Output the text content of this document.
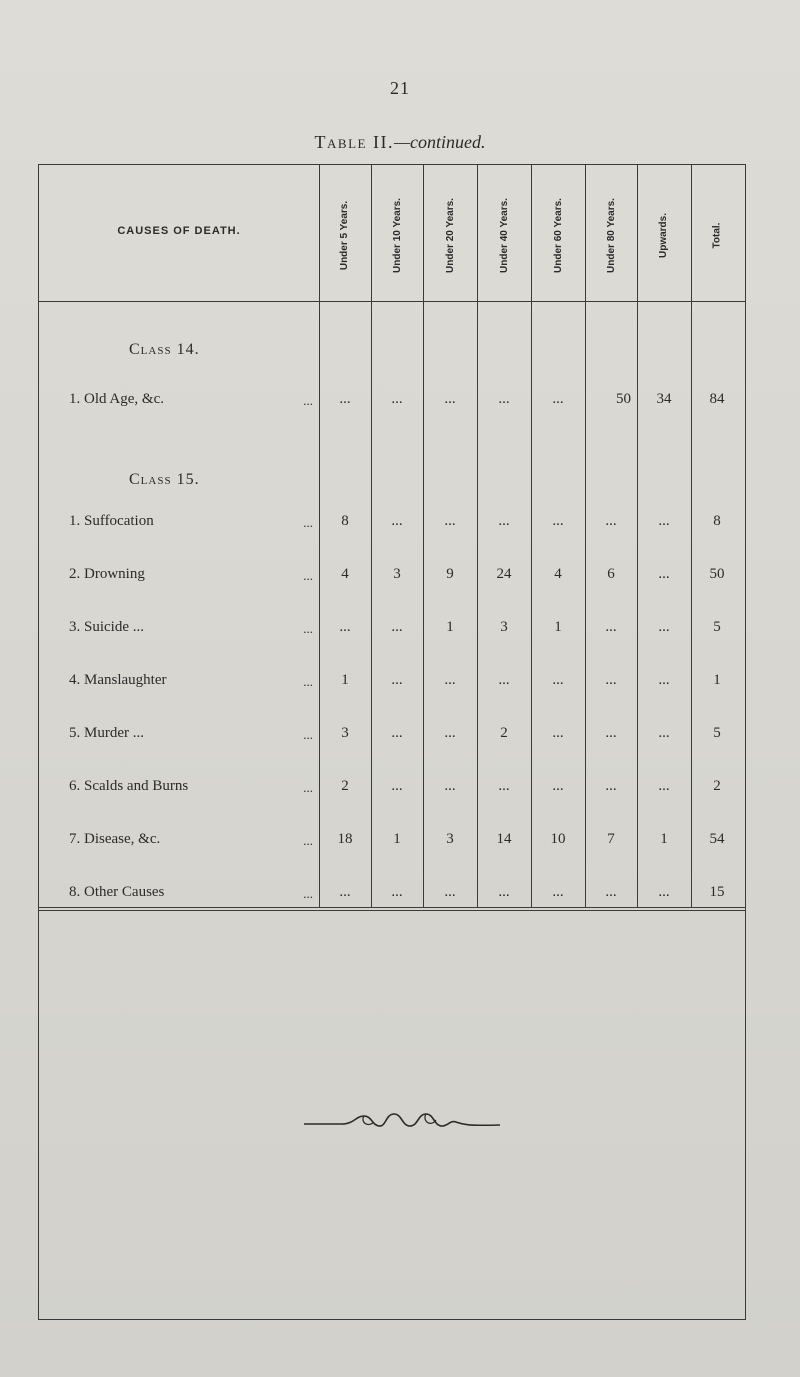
21
Table II.—continued.
CAUSES OF DEATH.	Under 5 Years.	Under 10 Years.	Under 20 Years.	Under 40 Years.	Under 60 Years.	Under 80 Years.	Upwards.	Total.
Class 14.
1. Old Age, &c.	...	...	...	...	...	...	50	34	84
Class 15.
1. Suffocation	...	8	...	...	...	...	...	...	8
2. Drowning	...	4	3	9	24	4	6	...	50
3. Suicide ...	...	...	...	1	3	1	...	...	5
4. Manslaughter	...	1	...	...	...	...	...	...	1
5. Murder ...	...	3	...	...	2	...	...	...	5
6. Scalds and Burns	...	2	...	...	...	...	...	...	2
7. Disease, &c.	...	18	1	3	14	10	7	1	54
8. Other Causes	...	...	...	...	...	...	...	...	15
